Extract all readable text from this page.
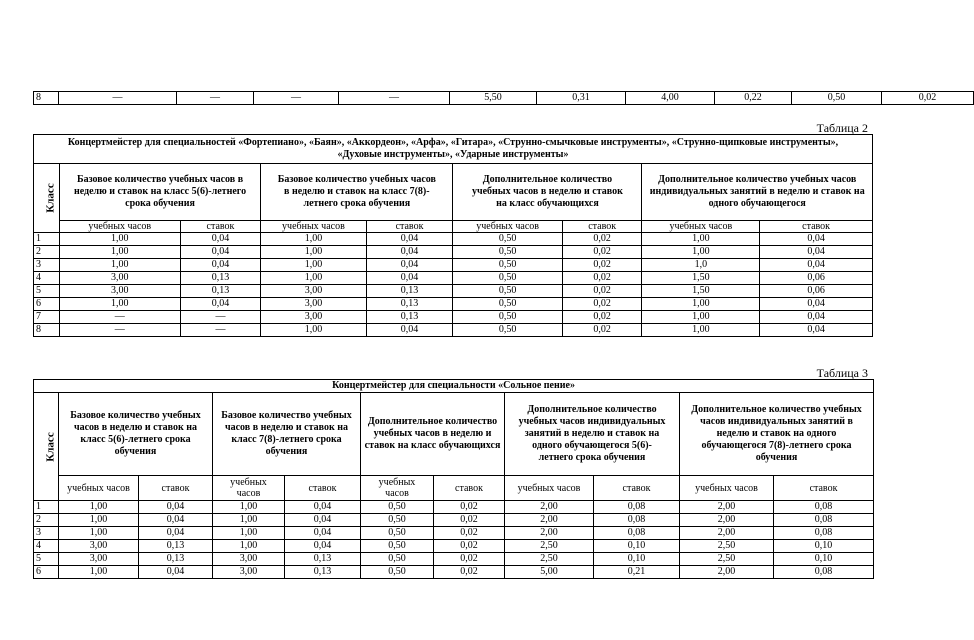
8	—	—	—	—	5,50	0,31	4,00	0,22	0,50	0,02
Таблица 2
Концертмейстер для специальностей «Фортепиано», «Баян», «Аккордеон», «Арфа», «Гитара», «Струнно-смычковые инструменты», «Струнно-щипковые инструменты», «Духовые инструменты», «Ударные инструменты»								
Класс	Базовое количество учебных часов в неделю и ставок на класс 5(6)-летнего срока обучения		Базовое количество учебных часов в неделю и ставок на класс 7(8)-летнего срока обучения		Дополнительное количество учебных часов в неделю и ставок на класс обучающихся		Дополнительное количество учебных часов индивидуальных занятий в неделю и ставок на одного обучающегося	
	учебных часов	ставок	учебных часов	ставок	учебных часов	ставок	учебных часов	ставок
1	1,00	0,04	1,00	0,04	0,50	0,02	1,00	0,04
2	1,00	0,04	1,00	0,04	0,50	0,02	1,00	0,04
3	1,00	0,04	1,00	0,04	0,50	0,02	1,0	0,04
4	3,00	0,13	1,00	0,04	0,50	0,02	1,50	0,06
5	3,00	0,13	3,00	0,13	0,50	0,02	1,50	0,06
6	1,00	0,04	3,00	0,13	0,50	0,02	1,00	0,04
7	—	—	3,00	0,13	0,50	0,02	1,00	0,04
8	—	—	1,00	0,04	0,50	0,02	1,00	0,04
Таблица 3
Концертмейстер для специальности «Сольное пение»										
Класс	Базовое количество учебных часов в неделю и ставок на класс 5(6)-летнего срока обучения		Базовое количество учебных часов в неделю и ставок на класс 7(8)-летнего срока обучения		Дополнительное количество учебных часов в неделю и ставок на класс обучающихся		Дополнительное количество учебных часов индивидуальных занятий в неделю и ставок на одного обучающегося 5(6)-летнего срока обучения		Дополнительное количество учебных часов индивидуальных занятий в неделю и ставок на одного обучающегося 7(8)-летнего срока обучения	
	учебных часов	ставок	учебных часов	ставок	учебных часов	ставок	учебных часов	ставок	учебных часов	ставок
1	1,00	0,04	1,00	0,04	0,50	0,02	2,00	0,08	2,00	0,08
2	1,00	0,04	1,00	0,04	0,50	0,02	2,00	0,08	2,00	0,08
3	1,00	0,04	1,00	0,04	0,50	0,02	2,00	0,08	2,00	0,08
4	3,00	0,13	1,00	0,04	0,50	0,02	2,50	0,10	2,50	0,10
5	3,00	0,13	3,00	0,13	0,50	0,02	2,50	0,10	2,50	0,10
6	1,00	0,04	3,00	0,13	0,50	0,02	5,00	0,21	2,00	0,08
